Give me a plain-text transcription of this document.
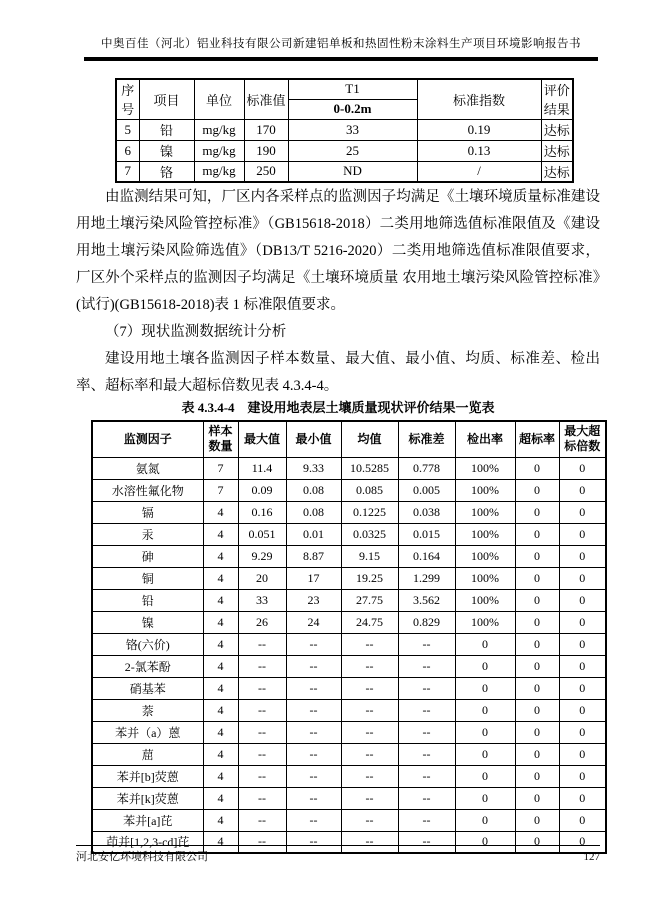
中奥百佳（河北）铝业科技有限公司新建铝单板和热固性粉末涂料生产项目环境影响报告书
序号	项目	单位	标准值	T1	标准指数	评价结果
				0-0.2m		
5	铅	mg/kg	170	33	0.19	达标
6	镍	mg/kg	190	25	0.13	达标
7	铬	mg/kg	250	ND	/	达标

由监测结果可知，厂区内各采样点的监测因子均满足《土壤环境质量标准建设用地土壤污染风险管控标准》（GB15618-2018）二类用地筛选值标准限值及《建设用地土壤污染风险筛选值》（DB13/T 5216-2020）二类用地筛选值标准限值要求，厂区外个采样点的监测因子均满足《土壤环境质量 农用地土壤污染风险管控标准》(试行)(GB15618-2018)表 1 标准限值要求。

（7）现状监测数据统计分析

建设用地土壤各监测因子样本数量、最大值、最小值、均质、标准差、检出率、超标率和最大超标倍数见表 4.3.4-4。

表 4.3.4-4　建设用地表层土壤质量现状评价结果一览表
监测因子	样本数量	最大值	最小值	均值	标准差	检出率	超标率	最大超标倍数
氨氮	7	11.4	9.33	10.5285	0.778	100%	0	0
水溶性氟化物	7	0.09	0.08	0.085	0.005	100%	0	0
镉	4	0.16	0.08	0.1225	0.038	100%	0	0
汞	4	0.051	0.01	0.0325	0.015	100%	0	0
砷	4	9.29	8.87	9.15	0.164	100%	0	0
铜	4	20	17	19.25	1.299	100%	0	0
铅	4	33	23	27.75	3.562	100%	0	0
镍	4	26	24	24.75	0.829	100%	0	0
铬(六价)	4	--	--	--	--	0	0	0
2-氯苯酚	4	--	--	--	--	0	0	0
硝基苯	4	--	--	--	--	0	0	0
萘	4	--	--	--	--	0	0	0
苯并（a）蒽	4	--	--	--	--	0	0	0
䓛	4	--	--	--	--	0	0	0
苯并[b]荧蒽	4	--	--	--	--	0	0	0
苯并[k]荧蒽	4	--	--	--	--	0	0	0
苯并[a]芘	4	--	--	--	--	0	0	0
茚并[1,2,3-cd]芘	4	--	--	--	--	0	0	0
河北安亿环境科技有限公司	127
